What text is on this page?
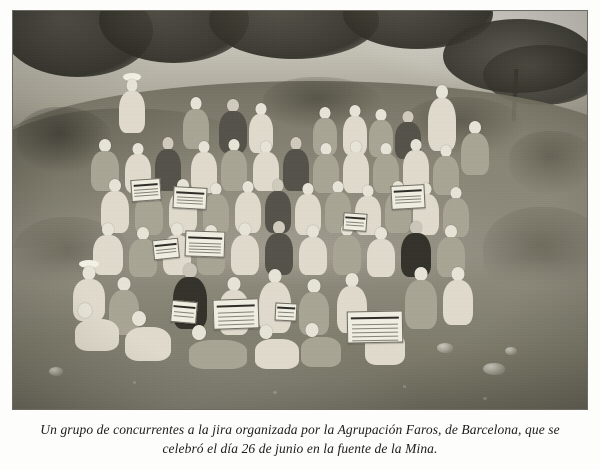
Un grupo de concurrentes a la jira organizada por la Agrupación Faros, de Barcelona, que se
celebró el día 26 de junio en la fuente de la Mina.
